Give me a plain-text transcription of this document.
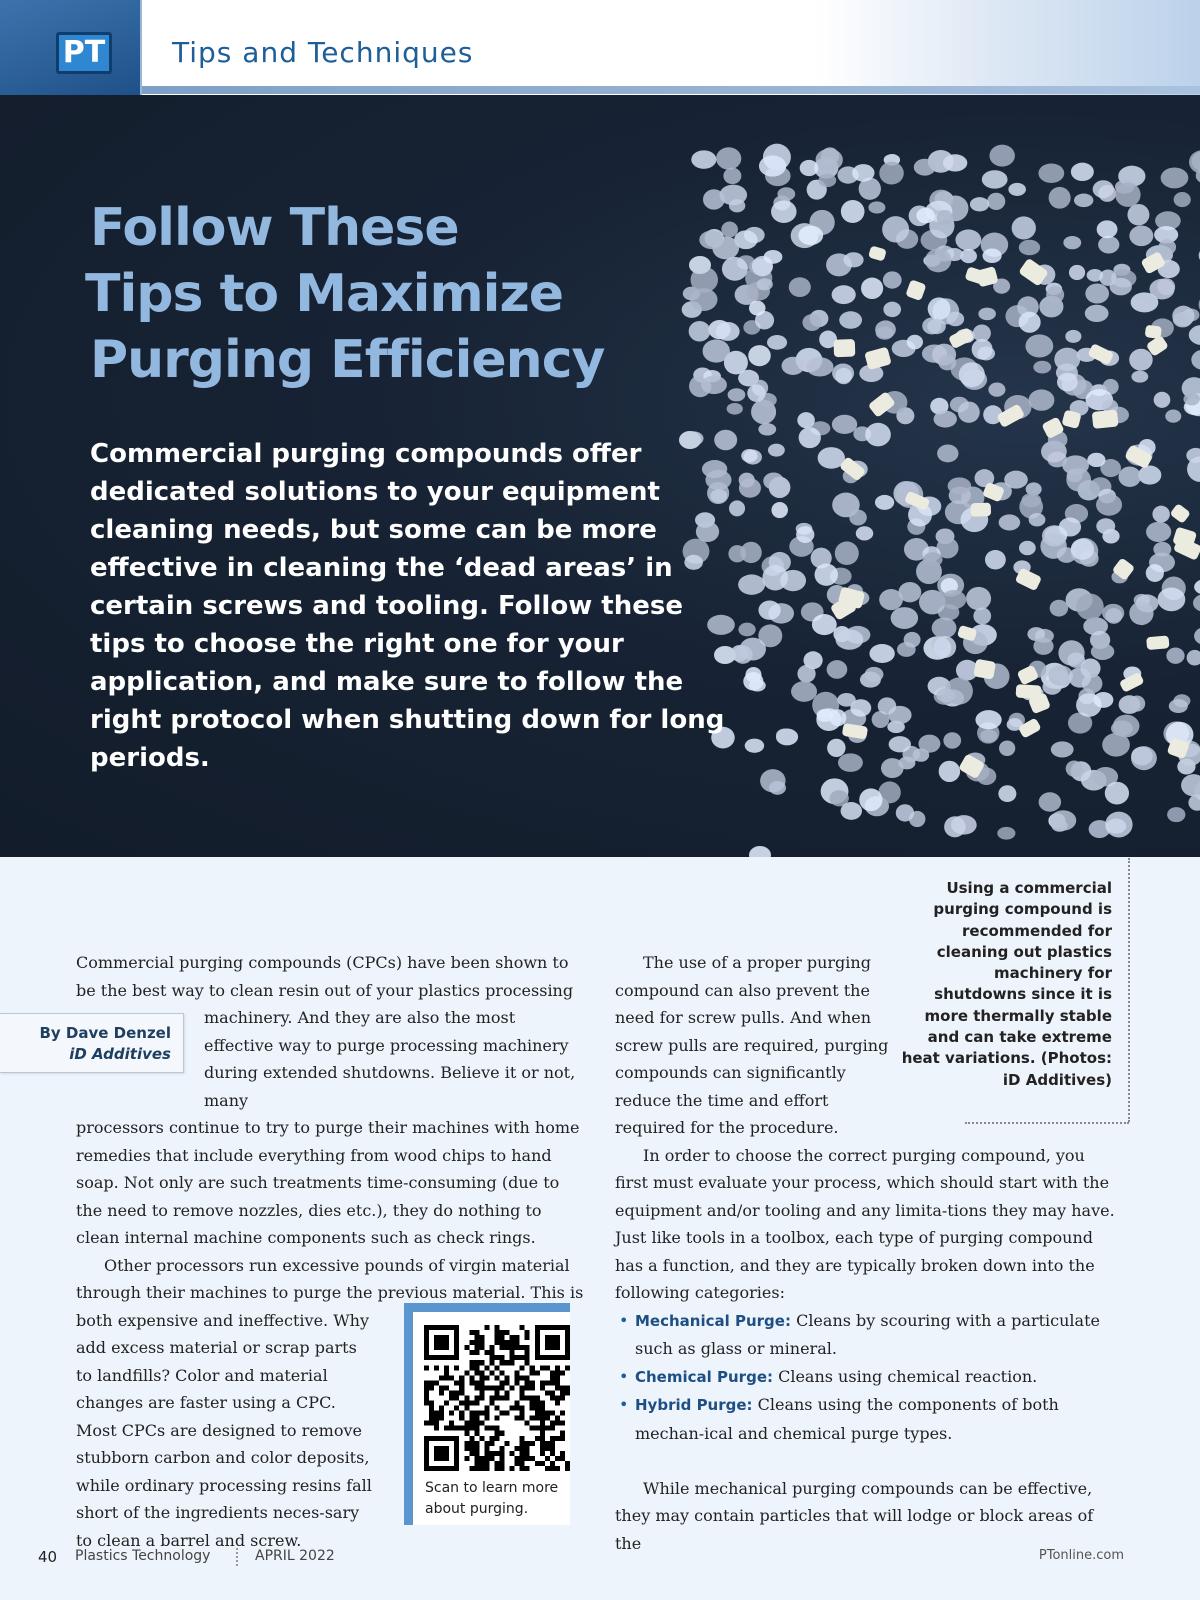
PT Tips and Techniques
Follow These
Tips to Maximize
Purging Efficiency
Commercial purging compounds offer dedicated solutions to your equipment cleaning needs, but some can be more effective in cleaning the ‘dead areas’ in certain screws and tooling. Follow these tips to choose the right one for your application, and make sure to follow the right protocol when shutting down for long periods.
Using a commercial purging compound is recommended for cleaning out plastics machinery for shutdowns since it is more thermally stable and can take extreme heat variations. (Photos: iD Additives)
By Dave Denzel
iD Additives

Commercial purging compounds (CPCs) have been shown to be the best way to clean resin out of your plastics processing
machinery. And they are also the most effective way to purge processing machinery during extended shutdowns. Believe it or not, many
processors continue to try to purge their machines with home remedies that include everything from wood chips to hand soap. Not only are such treatments time-consuming (due to the need to remove nozzles, dies etc.), they do nothing to clean internal machine components such as check rings.

Other processors run excessive pounds of virgin material through their machines to purge the previous material. This is both expensive and ineffective. Why

add excess material or scrap parts to landfills? Color and material changes are faster using a CPC. Most CPCs are designed to remove stubborn carbon and color deposits, while ordinary processing resins fall short of the ingredients neces-sary to clean a barrel and screw.

Scan to learn more about purging.

The use of a proper purging compound can also prevent the need for screw pulls. And when screw pulls are required, purging compounds can significantly reduce the time and effort required for the procedure.

In order to choose the correct purging compound, you first must evaluate your process, which should start with the equipment and/or tooling and any limita-tions they may have. Just like tools in a toolbox, each type of purging compound has a function, and they are typically broken down into the following categories:

• Mechanical Purge: Cleans by scouring with a particulate such as glass or mineral.
• Chemical Purge: Cleans using chemical reaction.
• Hybrid Purge: Cleans using the components of both mechan-ical and chemical purge types.

While mechanical purging compounds can be effective, they may contain particles that will lodge or block areas of the

40 Plastics Technology	APRIL 2022	PTonline.com
